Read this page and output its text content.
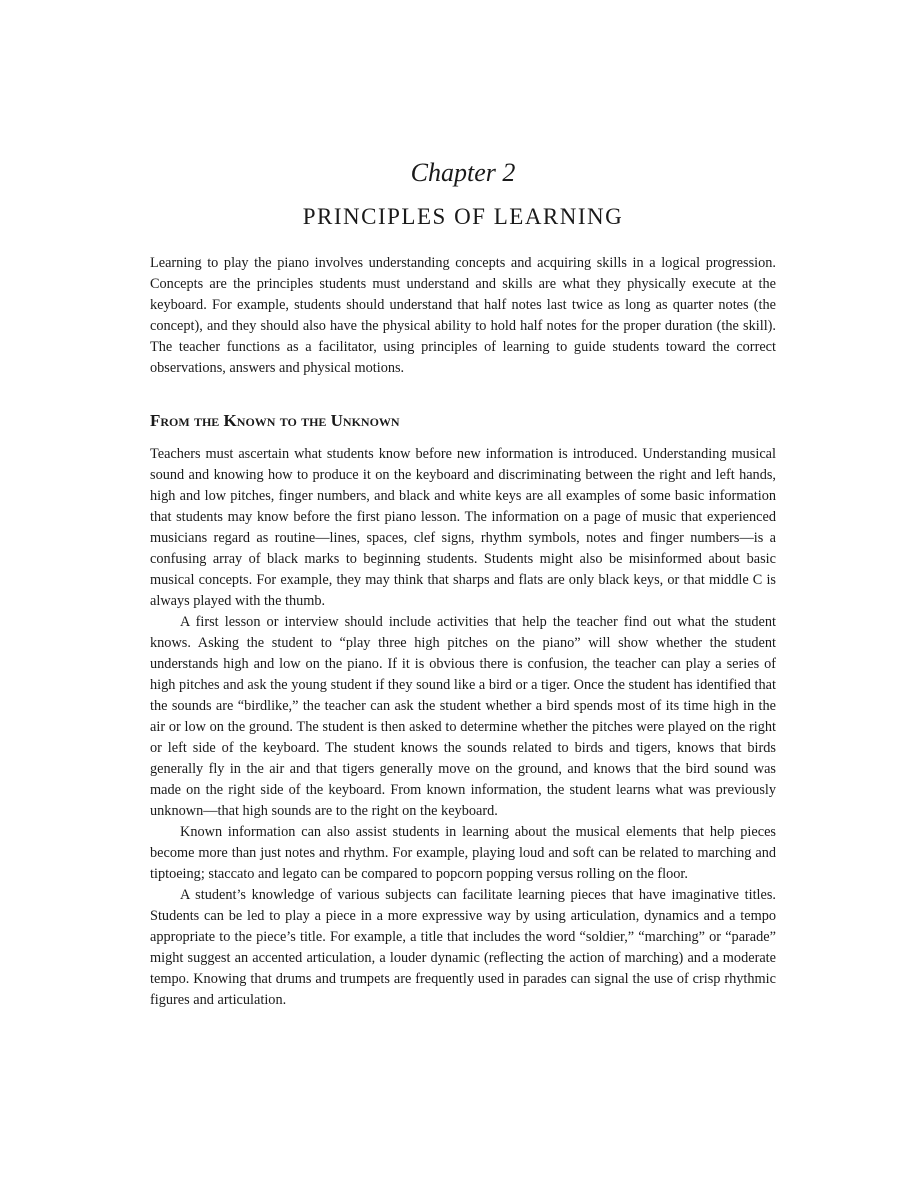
Chapter 2
PRINCIPLES OF LEARNING

Learning to play the piano involves understanding concepts and acquiring skills in a logical progression. Concepts are the principles students must understand and skills are what they physically execute at the keyboard. For example, students should understand that half notes last twice as long as quarter notes (the concept), and they should also have the physical ability to hold half notes for the proper duration (the skill). The teacher functions as a facilitator, using principles of learning to guide students toward the correct observations, answers and physical motions.

From the Known to the Unknown

Teachers must ascertain what students know before new information is introduced. Understanding musical sound and knowing how to produce it on the keyboard and discriminating between the right and left hands, high and low pitches, finger numbers, and black and white keys are all examples of some basic information that students may know before the first piano lesson. The information on a page of music that experienced musicians regard as routine—lines, spaces, clef signs, rhythm symbols, notes and finger numbers—is a confusing array of black marks to beginning students. Students might also be misinformed about basic musical concepts. For example, they may think that sharps and flats are only black keys, or that middle C is always played with the thumb.

A first lesson or interview should include activities that help the teacher find out what the student knows. Asking the student to “play three high pitches on the piano” will show whether the student understands high and low on the piano. If it is obvious there is confusion, the teacher can play a series of high pitches and ask the young student if they sound like a bird or a tiger. Once the student has identified that the sounds are “birdlike,” the teacher can ask the student whether a bird spends most of its time high in the air or low on the ground. The student is then asked to determine whether the pitches were played on the right or left side of the keyboard. The student knows the sounds related to birds and tigers, knows that birds generally fly in the air and that tigers generally move on the ground, and knows that the bird sound was made on the right side of the keyboard. From known information, the student learns what was previously unknown—that high sounds are to the right on the keyboard.

Known information can also assist students in learning about the musical elements that help pieces become more than just notes and rhythm. For example, playing loud and soft can be related to marching and tiptoeing; staccato and legato can be compared to popcorn popping versus rolling on the floor.

A student’s knowledge of various subjects can facilitate learning pieces that have imaginative titles. Students can be led to play a piece in a more expressive way by using articulation, dynamics and a tempo appropriate to the piece’s title. For example, a title that includes the word “soldier,” “marching” or “parade” might suggest an accented articulation, a louder dynamic (reflecting the action of marching) and a moderate tempo. Knowing that drums and trumpets are frequently used in parades can signal the use of crisp rhythmic figures and articulation.
